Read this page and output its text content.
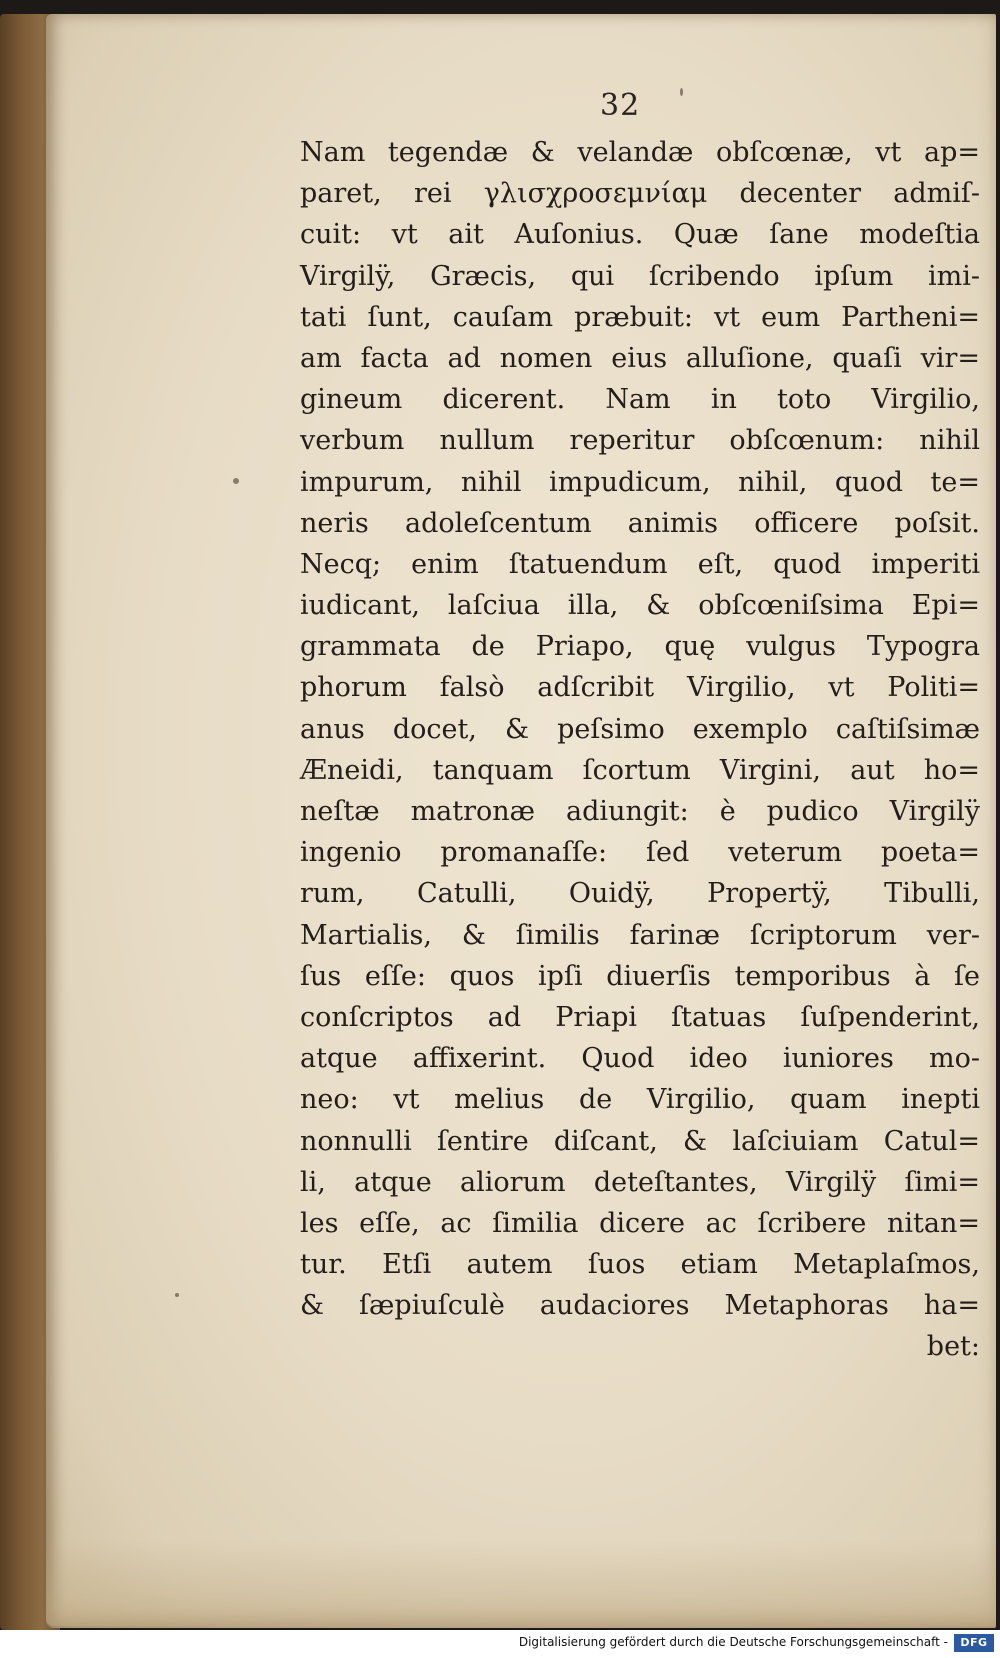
32
Nam tegendæ & velandæ obſcœnæ, vt ap=
paret, rei γλισχροσεμνίαμ decenter admiſ-
cuit: vt ait Auſonius. Quæ ſane modeſtia
Virgilÿ, Græcis, qui ſcribendo ipſum imi-
tati ſunt, cauſam præbuit: vt eum Partheni=
am facta ad nomen eius alluſione, quaſi vir=
gineum dicerent. Nam in toto Virgilio,
verbum nullum reperitur obſcœnum: nihil
impurum, nihil impudicum, nihil, quod te=
neris adoleſcentum animis officere poſsit.
Necq; enim ſtatuendum eſt, quod imperiti
iudicant, laſciua illa, & obſcœniſsima Epi=
grammata de Priapo, quę vulgus Typogra
phorum falsò adſcribit Virgilio, vt Politi=
anus docet, & peſsimo exemplo caſtiſsimæ
Æneidi, tanquam ſcortum Virgini, aut ho=
neſtæ matronæ adiungit: è pudico Virgilÿ
ingenio promanaſſe: ſed veterum poeta=
rum, Catulli, Ouidÿ, Propertÿ, Tibulli,
Martialis, & ſimilis farinæ ſcriptorum ver-
ſus eſſe: quos ipſi diuerſis temporibus à ſe
conſcriptos ad Priapi ſtatuas ſuſpenderint,
atque affixerint. Quod ideo iuniores mo-
neo: vt melius de Virgilio, quam inepti
nonnulli ſentire diſcant, & laſciuiam Catul=
li, atque aliorum deteſtantes, Virgilÿ ſimi=
les eſſe, ac ſimilia dicere ac ſcribere nitan=
tur. Etſi autem ſuos etiam Metaplaſmos,
& ſæpiuſculè audaciores Metaphoras ha=
bet:
Digitalisierung gefördert durch die Deutsche Forschungsgemeinschaft -	DFG
